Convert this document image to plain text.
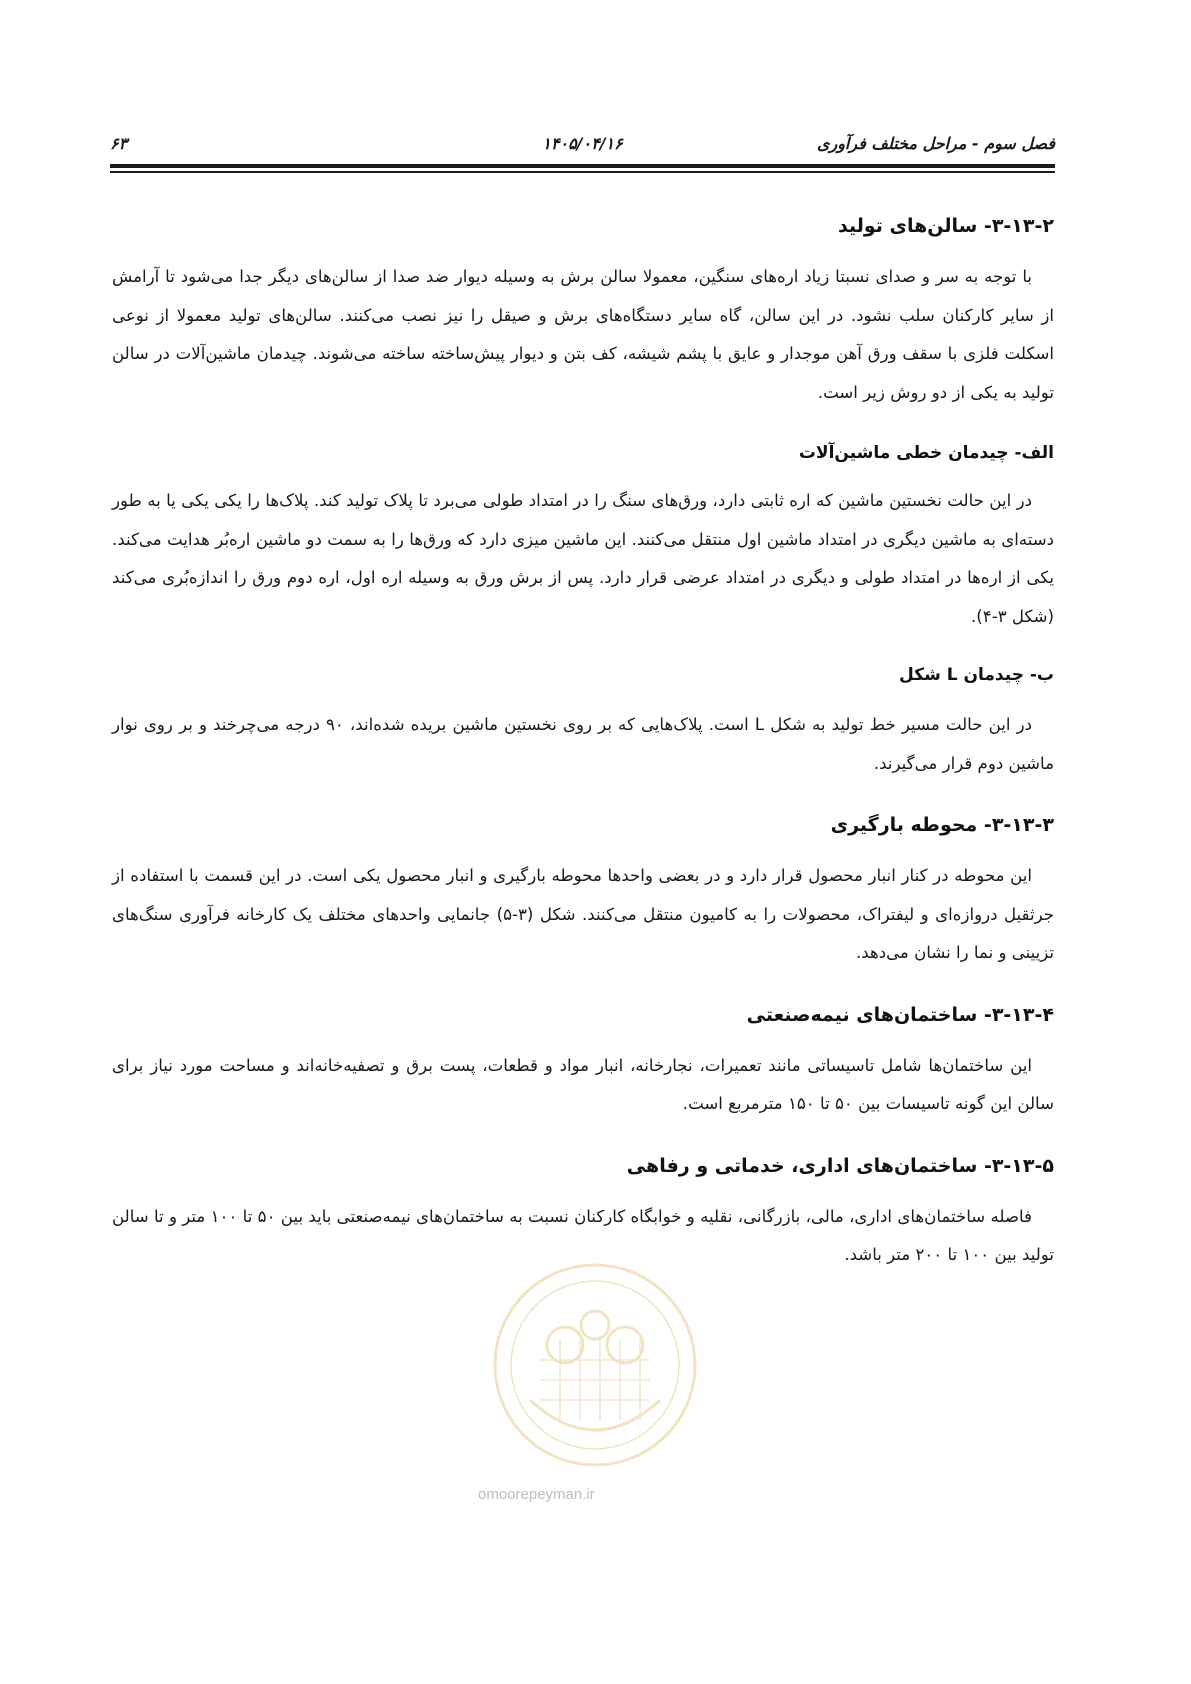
فصل سوم - مراحل مختلف فرآوری
۱۴۰۵/۰۴/۱۶
۶۳
۳-۱۳-۲- سالن‌های تولید

با توجه به سر و صدای نسبتا زیاد اره‌های سنگین، معمولا سالن برش به وسیله دیوار ضد صدا از سالن‌های دیگر جدا می‌شود تا آرامش از سایر کارکنان سلب نشود. در این سالن، گاه سایر دستگاه‌های برش و صیقل را نیز نصب می‌کنند. سالن‌های تولید معمولا از نوعی اسکلت فلزی با سقف ورق آهن موجدار و عایق با پشم شیشه، کف بتن و دیوار پیش‌ساخته ساخته می‌شوند. چیدمان ماشین‌آلات در سالن تولید به یکی از دو روش زیر است.

الف- چیدمان خطی ماشین‌آلات

در این حالت نخستین ماشین که اره ثابتی دارد، ورق‌های سنگ را در امتداد طولی می‌برد تا پلاک تولید کند. پلاک‌ها را یکی یکی یا به طور دسته‌ای به ماشین دیگری در امتداد ماشین اول منتقل می‌کنند. این ماشین میزی دارد که ورق‌ها را به سمت دو ماشین اره‌بُر هدایت می‌کند. یکی از اره‌ها در امتداد طولی و دیگری در امتداد عرضی قرار دارد. پس از برش ورق به وسیله اره اول، اره دوم ورق را اندازه‌بُری می‌کند (شکل ۳-۴).

ب- چیدمان L شکل

در این حالت مسیر خط تولید به شکل L است. پلاک‌هایی که بر روی نخستین ماشین بریده شده‌اند، ۹۰ درجه می‌چرخند و بر روی نوار ماشین دوم قرار می‌گیرند.

۳-۱۳-۳- محوطه بارگیری

این محوطه در کنار انبار محصول قرار دارد و در بعضی واحدها محوطه بارگیری و انبار محصول یکی است. در این قسمت با استفاده از جرثقیل دروازه‌ای و لیفتراک، محصولات را به کامیون منتقل می‌کنند. شکل (۳-۵) جانمایی واحدهای مختلف یک کارخانه فرآوری سنگ‌های تزیینی و نما را نشان می‌دهد.

۳-۱۳-۴- ساختمان‌های نیمه‌صنعتی

این ساختمان‌ها شامل تاسیساتی مانند تعمیرات، نجارخانه، انبار مواد و قطعات، پست برق و تصفیه‌خانه‌اند و مساحت مورد نیاز برای سالن این گونه تاسیسات بین ۵۰ تا ۱۵۰ مترمربع است.

۳-۱۳-۵- ساختمان‌های اداری، خدماتی و رفاهی

فاصله ساختمان‌های اداری، مالی، بازرگانی، نقلیه و خوابگاه کارکنان نسبت به ساختمان‌های نیمه‌صنعتی باید بین ۵۰ تا ۱۰۰ متر و تا سالن تولید بین ۱۰۰ تا ۲۰۰ متر باشد.

omoorepeyman.ir
